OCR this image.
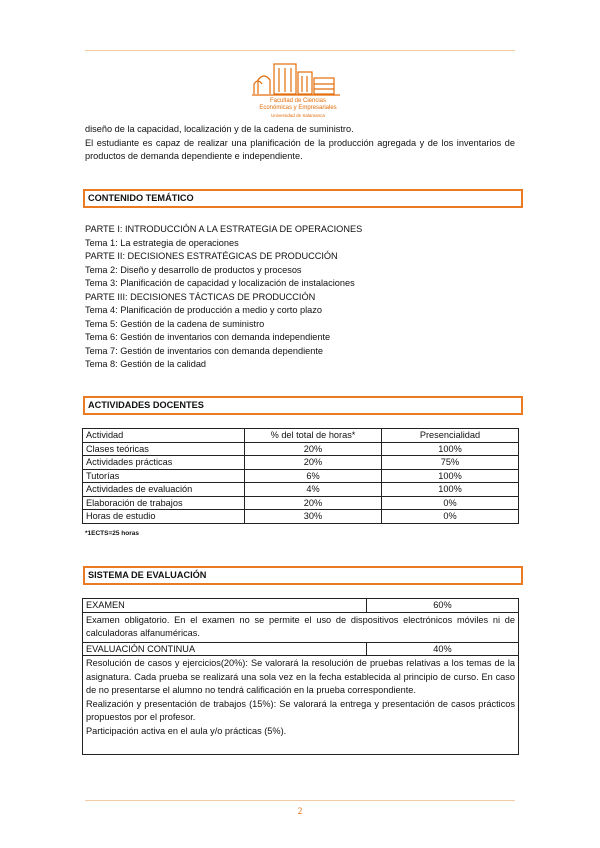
Facultad de Ciencias
Económicas y Empresariales
Universidad de Salamanca

diseño de la capacidad, localización y de la cadena de suministro.

El estudiante es capaz de realizar una planificación de la producción agregada y de los inventarios de productos de demanda dependiente e independiente.

CONTENIDO TEMÁTICO
PARTE I: INTRODUCCIÓN A LA ESTRATEGIA DE OPERACIONES
Tema 1: La estrategia de operaciones
PARTE II: DECISIONES ESTRATÉGICAS DE PRODUCCIÓN
Tema 2: Diseño y desarrollo de productos y procesos
Tema 3: Planificación de capacidad y localización de instalaciones
PARTE III: DECISIONES TÁCTICAS DE PRODUCCIÓN
Tema 4: Planificación de producción a medio y corto plazo
Tema 5: Gestión de la cadena de suministro
Tema 6: Gestión de inventarios con demanda independiente
Tema 7: Gestión de inventarios con demanda dependiente
Tema 8: Gestión de la calidad
ACTIVIDADES DOCENTES
Actividad	% del total de horas*	Presencialidad
Clases teóricas	20%	100%
Actividades prácticas	20%	75%
Tutorías	6%	100%
Actividades de evaluación	4%	100%
Elaboración de trabajos	20%	0%
Horas de estudio	30%	0%
*1ECTS=25 horas
SISTEMA DE EVALUACIÓN
EXAMEN	60%
Examen obligatorio. En el examen no se permite el uso de dispositivos electrónicos móviles ni de calculadoras alfanuméricas.	
EVALUACIÓN CONTINUA	40%

Resolución de casos y ejercicios(20%): Se valorará la resolución de pruebas relativas a los temas de la asignatura. Cada prueba se realizará una sola vez en la fecha establecida al principio de curso. En caso de no presentarse el alumno no tendrá calificación en la prueba correspondiente.
Realización y presentación de trabajos (15%): Se valorará la entrega y presentación de casos prácticos propuestos por el profesor.
Participación activa en el aula y/o prácticas (5%).	
2
